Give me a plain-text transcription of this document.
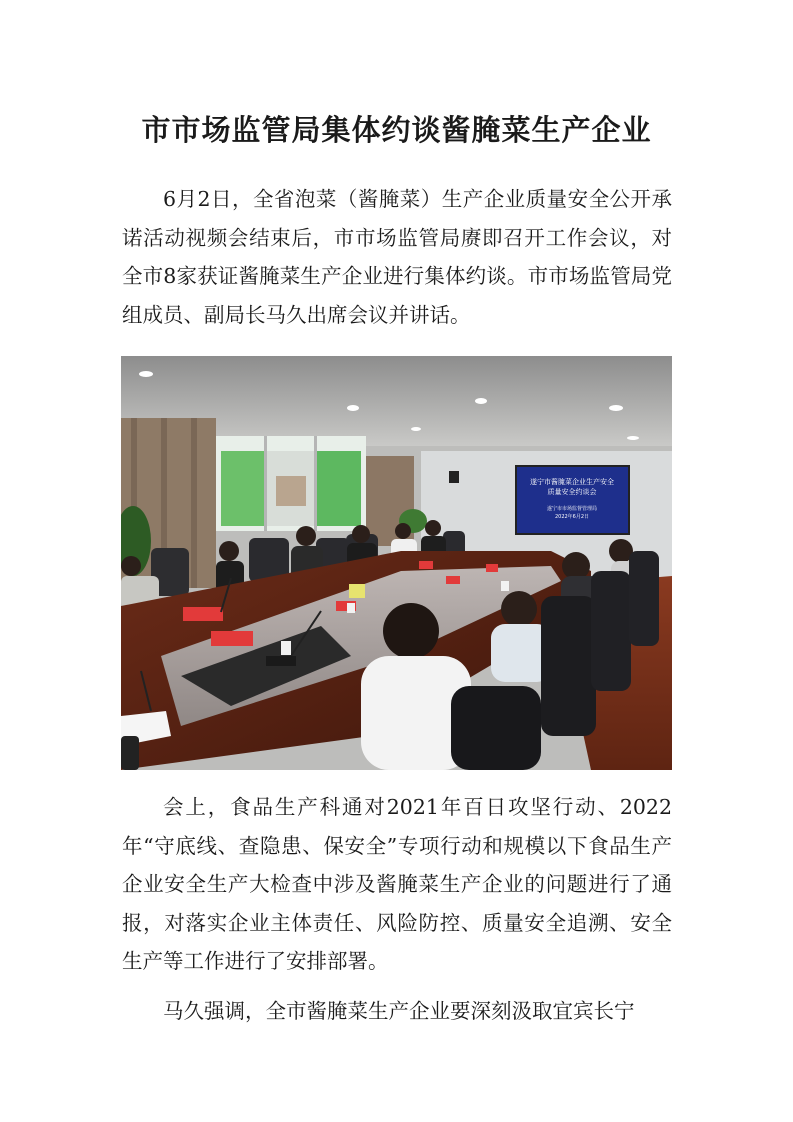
市市场监管局集体约谈酱腌菜生产企业

6月2日，全省泡菜（酱腌菜）生产企业质量安全公开承诺活动视频会结束后，市市场监管局赓即召开工作会议，对全市8家获证酱腌菜生产企业进行集体约谈。市市场监管局党组成员、副局长马久出席会议并讲话。

遂宁市酱腌菜企业生产安全
质量安全约谈会
遂宁市市场监督管理局
2022年6月2日

会上，食品生产科通对2021年百日攻坚行动、2022年“守底线、查隐患、保安全”专项行动和规模以下食品生产企业安全生产大检查中涉及酱腌菜生产企业的问题进行了通报，对落实企业主体责任、风险防控、质量安全追溯、安全生产等工作进行了安排部署。

马久强调，全市酱腌菜生产企业要深刻汲取宜宾长宁
